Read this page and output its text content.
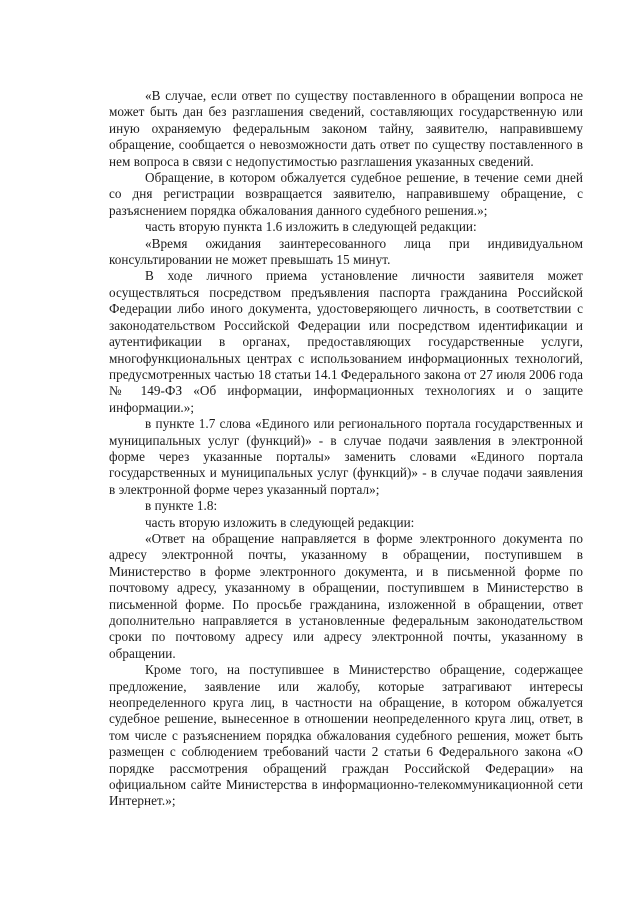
«В случае, если ответ по существу поставленного в обращении вопроса не может быть дан без разглашения сведений, составляющих государственную или иную охраняемую федеральным законом тайну, заявителю, направившему обращение, сообщается о невозможности дать ответ по существу поставленного в нем вопроса в связи с недопустимостью разглашения указанных сведений.

Обращение, в котором обжалуется судебное решение, в течение семи дней со дня регистрации возвращается заявителю, направившему обращение, с разъяснением порядка обжалования данного судебного решения.»;

часть вторую пункта 1.6 изложить в следующей редакции:

«Время ожидания заинтересованного лица при индивидуальном консультировании не может превышать 15 минут.

В ходе личного приема установление личности заявителя может осуществляться посредством предъявления паспорта гражданина Российской Федерации либо иного документа, удостоверяющего личность, в соответствии с законодательством Российской Федерации или посредством идентификации и аутентификации в органах, предоставляющих государственные услуги, многофункциональных центрах с использованием информационных технологий, предусмотренных частью 18 статьи 14.1 Федерального закона от 27 июля 2006 года № 149-ФЗ «Об информации, информационных технологиях и о защите информации.»;

в пункте 1.7 слова «Единого или регионального портала государственных и муниципальных услуг (функций)» - в случае подачи заявления в электронной форме через указанные порталы» заменить словами «Единого портала государственных и муниципальных услуг (функций)» - в случае подачи заявления в электронной форме через указанный портал»;

в пункте 1.8:

часть вторую изложить в следующей редакции:

«Ответ на обращение направляется в форме электронного документа по адресу электронной почты, указанному в обращении, поступившем в Министерство в форме электронного документа, и в письменной форме по почтовому адресу, указанному в обращении, поступившем в Министерство в письменной форме. По просьбе гражданина, изложенной в обращении, ответ дополнительно направляется в установленные федеральным законодательством сроки по почтовому адресу или адресу электронной почты, указанному в обращении.

Кроме того, на поступившее в Министерство обращение, содержащее предложение, заявление или жалобу, которые затрагивают интересы неопределенного круга лиц, в частности на обращение, в котором обжалуется судебное решение, вынесенное в отношении неопределенного круга лиц, ответ, в том числе с разъяснением порядка обжалования судебного решения, может быть размещен с соблюдением требований части 2 статьи 6 Федерального закона «О порядке рассмотрения обращений граждан Российской Федерации» на официальном сайте Министерства в информационно-телекоммуникационной сети Интернет.»;
